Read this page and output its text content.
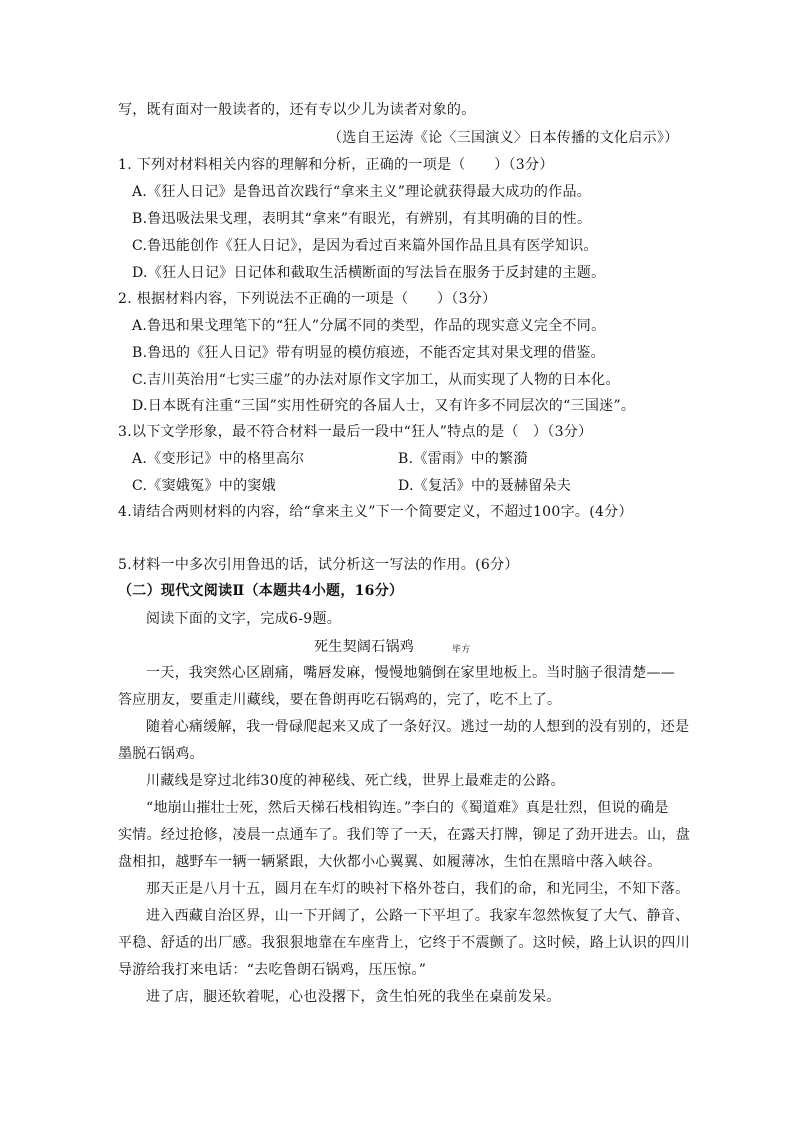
写，既有面对一般读者的，还有专以少儿为读者对象的。
（选自王运涛《论〈三国演义〉日本传播的文化启示》）
1. 下列对材料相关内容的理解和分析，正确的一项是（　　）（3分）
A.《狂人日记》是鲁迅首次践行“拿来主义”理论就获得最大成功的作品。
B.鲁迅吸法果戈理，表明其“拿来”有眼光，有辨别，有其明确的目的性。
C.鲁迅能创作《狂人日记》，是因为看过百来篇外国作品且具有医学知识。
D.《狂人日记》日记体和截取生活横断面的写法旨在服务于反封建的主题。
2. 根据材料内容，下列说法不正确的一项是（　　）（3分）
A.鲁迅和果戈理笔下的“狂人”分属不同的类型，作品的现实意义完全不同。
B.鲁迅的《狂人日记》带有明显的模仿痕迹，不能否定其对果戈理的借鉴。
C.吉川英治用“七实三虚”的办法对原作文字加工，从而实现了人物的日本化。
D.日本既有注重“三国”实用性研究的各届人士，又有许多不同层次的“三国迷”。
3.以下文学形象，最不符合材料一最后一段中“狂人”特点的是（　）（3分）
A.《变形记》中的格里高尔	B.《雷雨》中的繁漪
C.《窦娥冤》中的窦娥	D.《复活》中的聂赫留朵夫
4.请结合两则材料的内容，给“拿来主义”下一个简要定义，不超过100字。(4分）
5.材料一中多次引用鲁迅的话，试分析这一写法的作用。(6分）
（二）现代文阅读Ⅱ（本题共4小题，16分）
阅读下面的文字，完成6-9题。
死生契阔石锅鸡	毕方
一天，我突然心区剧痛，嘴唇发麻，慢慢地躺倒在家里地板上。当时脑子很清楚——
答应朋友，要重走川藏线，要在鲁朗再吃石锅鸡的，完了，吃不上了。
随着心痛缓解，我一骨碌爬起来又成了一条好汉。逃过一劫的人想到的没有别的，还是
墨脱石锅鸡。
川藏线是穿过北纬30度的神秘线、死亡线，世界上最难走的公路。
“地崩山摧壮士死，然后天梯石栈相钩连。”李白的《蜀道难》真是壮烈，但说的确是
实情。经过抢修，凌晨一点通车了。我们等了一天，在露天打牌，铆足了劲开进去。山，盘
盘相扣，越野车一辆一辆紧跟，大伙都小心翼翼、如履薄冰，生怕在黑暗中落入峡谷。
那天正是八月十五，圆月在车灯的映衬下格外苍白，我们的命，和光同尘，不知下落。
进入西藏自治区界，山一下开阔了，公路一下平坦了。我家车忽然恢复了大气、静音、
平稳、舒适的出厂感。我狠狠地靠在车座背上，它终于不震颤了。这时候，路上认识的四川
导游给我打来电话：“去吃鲁朗石锅鸡，压压惊。”
进了店，腿还软着呢，心也没撂下，贪生怕死的我坐在桌前发呆。
